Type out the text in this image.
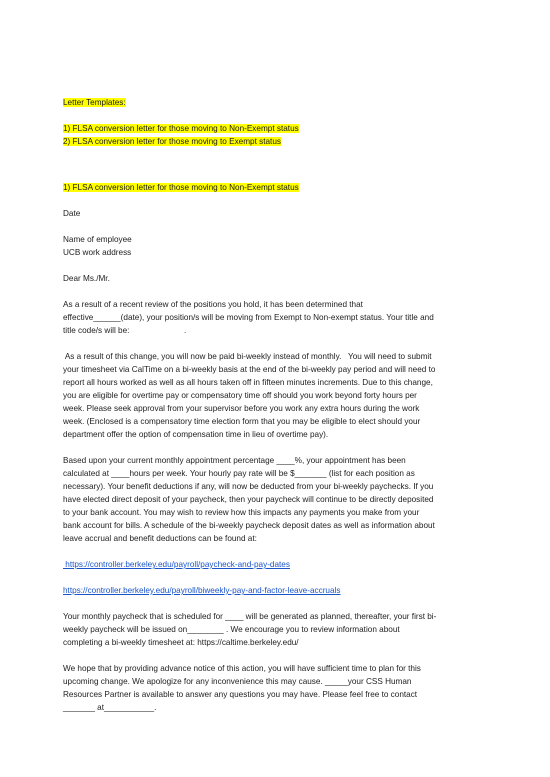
Letter Templates:
1) FLSA conversion letter for those moving to Non-Exempt status
2) FLSA conversion letter for those moving to Exempt status
1) FLSA conversion letter for those moving to Non-Exempt status
Date
Name of employee
UCB work address
Dear Ms./Mr.
As a result of a recent review of the positions you hold, it has been determined that
effective______(date), your position/s will be moving from Exempt to Non-exempt status. Your title and
title code/s will be:                        .
As a result of this change, you will now be paid bi-weekly instead of monthly.   You will need to submit
your timesheet via CalTime on a bi-weekly basis at the end of the bi-weekly pay period and will need to
report all hours worked as well as all hours taken off in fifteen minutes increments. Due to this change,
you are eligible for overtime pay or compensatory time off should you work beyond forty hours per
week. Please seek approval from your supervisor before you work any extra hours during the work
week. (Enclosed is a compensatory time election form that you may be eligible to elect should your
department offer the option of compensation time in lieu of overtime pay).
Based upon your current monthly appointment percentage ____%, your appointment has been
calculated at ____hours per week. Your hourly pay rate will be $_______ (list for each position as
necessary). Your benefit deductions if any, will now be deducted from your bi-weekly paychecks. If you
have elected direct deposit of your paycheck, then your paycheck will continue to be directly deposited
to your bank account. You may wish to review how this impacts any payments you make from your
bank account for bills. A schedule of the bi-weekly paycheck deposit dates as well as information about
leave accrual and benefit deductions can be found at:
https://controller.berkeley.edu/payroll/paycheck-and-pay-dates
https://controller.berkeley.edu/payroll/biweekly-pay-and-factor-leave-accruals
Your monthly paycheck that is scheduled for ____ will be generated as planned, thereafter, your first bi-
weekly paycheck will be issued on________ . We encourage you to review information about
completing a bi-weekly timesheet at: https://caltime.berkeley.edu/
We hope that by providing advance notice of this action, you will have sufficient time to plan for this
upcoming change. We apologize for any inconvenience this may cause. _____your CSS Human
Resources Partner is available to answer any questions you may have. Please feel free to contact
_______ at___________.
